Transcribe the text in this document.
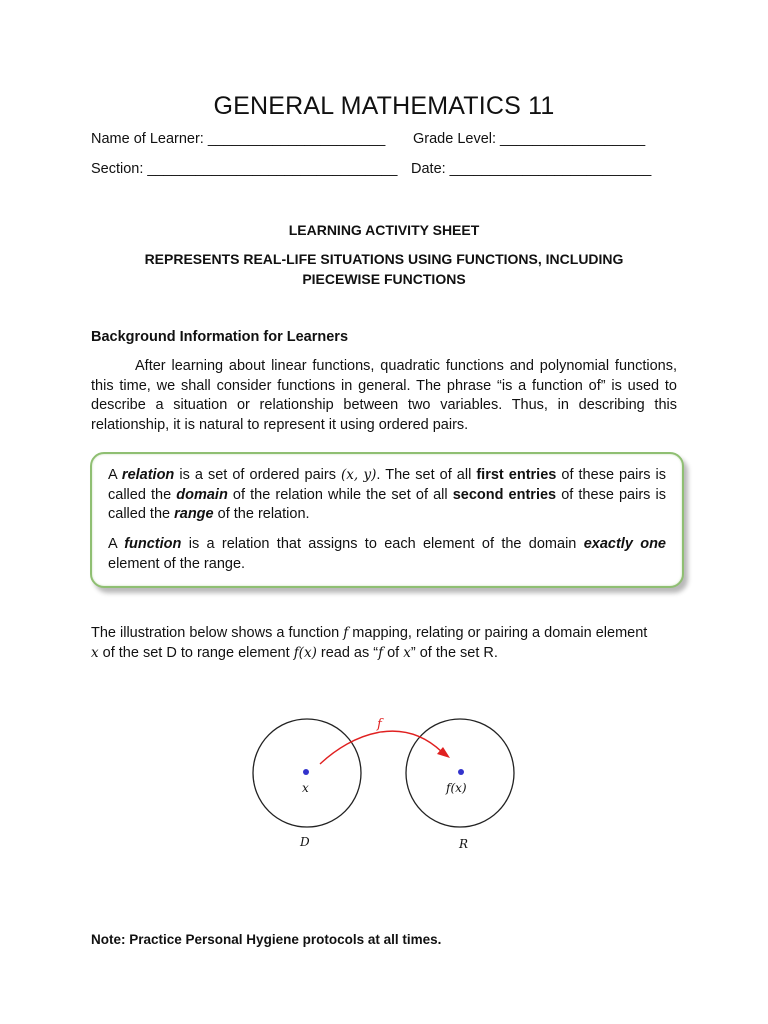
GENERAL MATHEMATICS 11
Name of Learner: ______________________ Grade Level: __________________
Section: _______________________________ Date: _________________________
LEARNING ACTIVITY SHEET
REPRESENTS REAL-LIFE SITUATIONS USING FUNCTIONS, INCLUDING
PIECEWISE FUNCTIONS
Background Information for Learners
After learning about linear functions, quadratic functions and polynomial functions, this time, we shall consider functions in general. The phrase “is a function of” is used to describe a situation or relationship between two variables. Thus, in describing this relationship, it is natural to represent it using ordered pairs.

A relation is a set of ordered pairs (x, y). The set of all first entries of these pairs is called the domain of the relation while the set of all second entries of these pairs is called the range of the relation.

A function is a relation that assigns to each element of the domain exactly one element of the range.

The illustration below shows a function f mapping, relating or pairing a domain element
x of the set D to range element f(x) read as “f of x” of the set R.
f
x	f(x)
D	R
Note: Practice Personal Hygiene protocols at all times.
